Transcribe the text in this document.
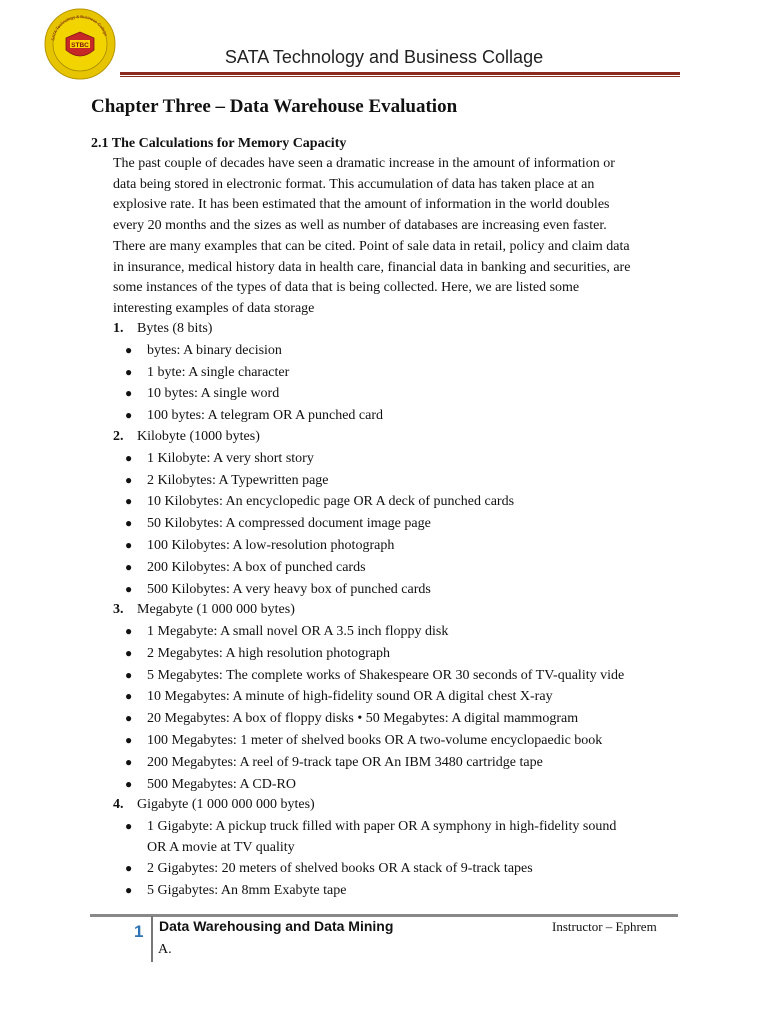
STBC
SATA Technology & Business College
SATA Technology and Business Collage
Chapter Three – Data Warehouse Evaluation
2.1 The Calculations for Memory Capacity

The past couple of decades have seen a dramatic increase in the amount of information or
data being stored in electronic format. This accumulation of data has taken place at an
explosive rate. It has been estimated that the amount of information in the world doubles
every 20 months and the sizes as well as number of databases are increasing even faster.
There are many examples that can be cited. Point of sale data in retail, policy and claim data
in insurance, medical history data in health care, financial data in banking and securities, are
some instances of the types of data that is being collected. Here, we are listed some
interesting examples of data storage

1. Bytes (8 bits)
● bytes: A binary decision
● 1 byte: A single character
● 10 bytes: A single word
● 100 bytes: A telegram OR A punched card
2. Kilobyte (1000 bytes)
● 1 Kilobyte: A very short story
● 2 Kilobytes: A Typewritten page
● 10 Kilobytes: An encyclopedic page OR A deck of punched cards
● 50 Kilobytes: A compressed document image page
● 100 Kilobytes: A low-resolution photograph
● 200 Kilobytes: A box of punched cards
● 500 Kilobytes: A very heavy box of punched cards
3. Megabyte (1 000 000 bytes)
● 1 Megabyte: A small novel OR A 3.5 inch floppy disk
● 2 Megabytes: A high resolution photograph
● 5 Megabytes: The complete works of Shakespeare OR 30 seconds of TV-quality vide
● 10 Megabytes: A minute of high-fidelity sound OR A digital chest X-ray
● 20 Megabytes: A box of floppy disks • 50 Megabytes: A digital mammogram
● 100 Megabytes: 1 meter of shelved books OR A two-volume encyclopaedic book
● 200 Megabytes: A reel of 9-track tape OR An IBM 3480 cartridge tape
● 500 Megabytes: A CD-RO
4. Gigabyte (1 000 000 000 bytes)
● 1 Gigabyte: A pickup truck filled with paper OR A symphony in high-fidelity sound
OR A movie at TV quality
● 2 Gigabytes: 20 meters of shelved books OR A stack of 9-track tapes
● 5 Gigabytes: An 8mm Exabyte tape
1 Data Warehousing and Data Mining	Instructor – Ephrem
A.
